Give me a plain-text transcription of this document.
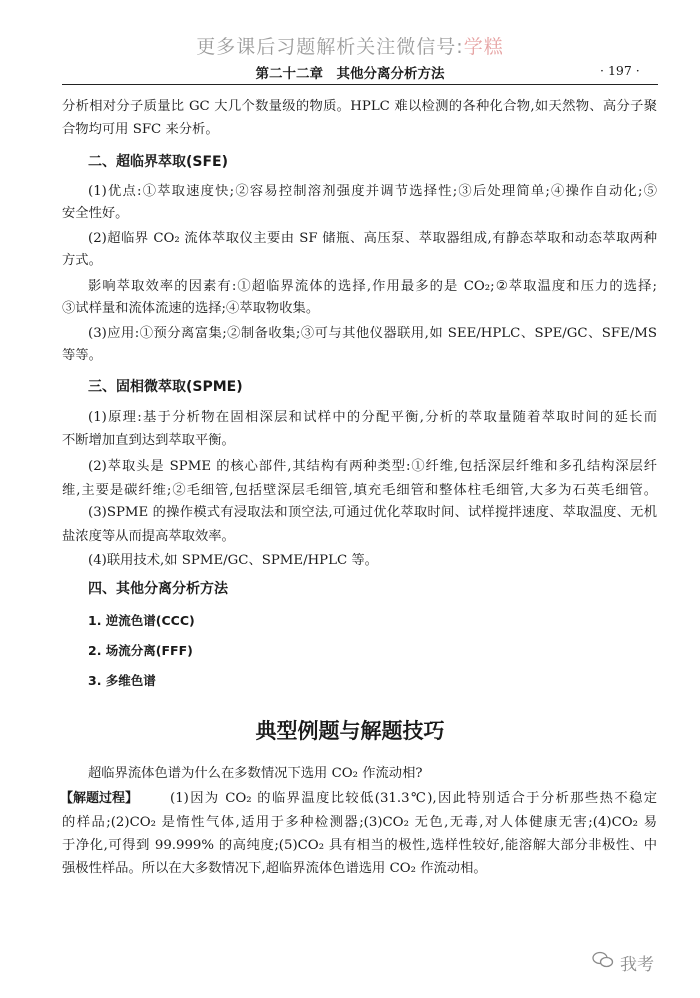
更多课后习题解析关注微信号:学糕
第二十二章　其他分离分析方法	· 197 ·
分析相对分子质量比 GC 大几个数量级的物质。HPLC 难以检测的各种化合物,如天然物、高分子聚
合物均可用 SFC 来分析。
二、超临界萃取(SFE)
(1)优点:①萃取速度快;②容易控制溶剂强度并调节选择性;③后处理简单;④操作自动化;⑤
安全性好。
(2)超临界 CO₂ 流体萃取仪主要由 SF 储瓶、高压泵、萃取器组成,有静态萃取和动态萃取两种
方式。
影响萃取效率的因素有:①超临界流体的选择,作用最多的是 CO₂;②萃取温度和压力的选择;
③试样量和流体流速的选择;④萃取物收集。
(3)应用:①预分离富集;②制备收集;③可与其他仪器联用,如 SEE/HPLC、SPE/GC、SFE/MS
等等。
三、固相微萃取(SPME)
(1)原理:基于分析物在固相深层和试样中的分配平衡,分析的萃取量随着萃取时间的延长而
不断增加直到达到萃取平衡。
(2)萃取头是 SPME 的核心部件,其结构有两种类型:①纤维,包括深层纤维和多孔结构深层纤
维,主要是碳纤维;②毛细管,包括壁深层毛细管,填充毛细管和整体柱毛细管,大多为石英毛细管。
(3)SPME 的操作模式有浸取法和顶空法,可通过优化萃取时间、试样搅拌速度、萃取温度、无机
盐浓度等从而提高萃取效率。
(4)联用技术,如 SPME/GC、SPME/HPLC 等。
四、其他分离分析方法
1. 逆流色谱(CCC)
2. 场流分离(FFF)
3. 多维色谱
典型例题与解题技巧
超临界流体色谱为什么在多数情况下选用 CO₂ 作流动相?
【解题过程】 (1)因为 CO₂ 的临界温度比较低(31.3℃),因此特别适合于分析那些热不稳定
的样品;(2)CO₂ 是惰性气体,适用于多种检测器;(3)CO₂ 无色,无毒,对人体健康无害;(4)CO₂ 易
于净化,可得到 99.999% 的高纯度;(5)CO₂ 具有相当的极性,选样性较好,能溶解大部分非极性、中
强极性样品。所以在大多数情况下,超临界流体色谱选用 CO₂ 作流动相。
我考
